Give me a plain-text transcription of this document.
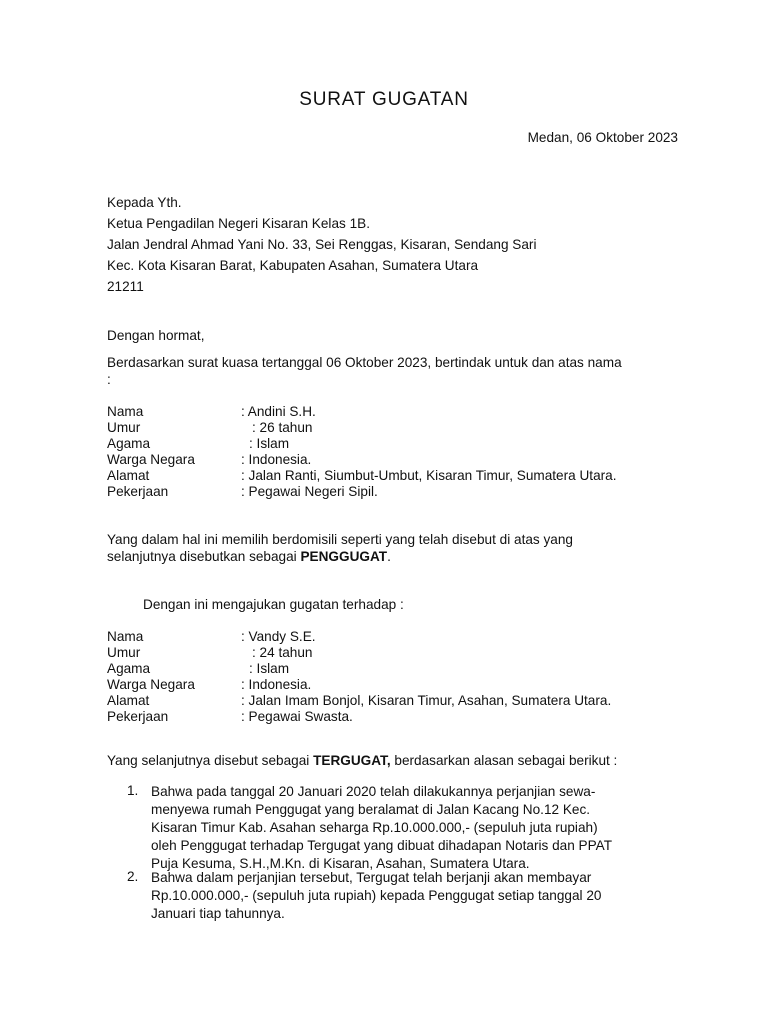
SURAT GUGATAN

Medan, 06 Oktober 2023

Kepada Yth.

Ketua Pengadilan Negeri Kisaran Kelas 1B.

Jalan Jendral Ahmad Yani No. 33, Sei Renggas, Kisaran, Sendang Sari

Kec. Kota Kisaran Barat, Kabupaten Asahan, Sumatera Utara

21211

Dengan hormat,

Berdasarkan surat kuasa tertanggal 06 Oktober 2023, bertindak untuk dan atas nama

:

Nama

Umur

Agama

Warga Negara

Alamat

Pekerjaan

: Andini S.H.

: 26 tahun

: Islam

: Indonesia.

: Jalan Ranti, Siumbut-Umbut, Kisaran Timur, Sumatera Utara.

: Pegawai Negeri Sipil.

Yang dalam hal ini memilih berdomisili seperti yang telah disebut di atas yang

selanjutnya disebutkan sebagai PENGGUGAT.

Dengan ini mengajukan gugatan terhadap :

Nama

Umur

Agama

Warga Negara

Alamat

Pekerjaan

: Vandy S.E.

: 24 tahun

: Islam

: Indonesia.

: Jalan Imam Bonjol, Kisaran Timur, Asahan, Sumatera Utara.

: Pegawai Swasta.

Yang selanjutnya disebut sebagai TERGUGAT, berdasarkan alasan sebagai berikut :

1. Bahwa pada tanggal 20 Januari 2020 telah dilakukannya perjanjian sewa-
menyewa rumah Penggugat yang beralamat di Jalan Kacang No.12 Kec.
Kisaran Timur Kab. Asahan seharga Rp.10.000.000,- (sepuluh juta rupiah)
oleh Penggugat terhadap Tergugat yang dibuat dihadapan Notaris dan PPAT
Puja Kesuma, S.H.,M.Kn. di Kisaran, Asahan, Sumatera Utara.
2. Bahwa dalam perjanjian tersebut, Tergugat telah berjanji akan membayar
Rp.10.000.000,- (sepuluh juta rupiah) kepada Penggugat setiap tanggal 20
Januari tiap tahunnya.
